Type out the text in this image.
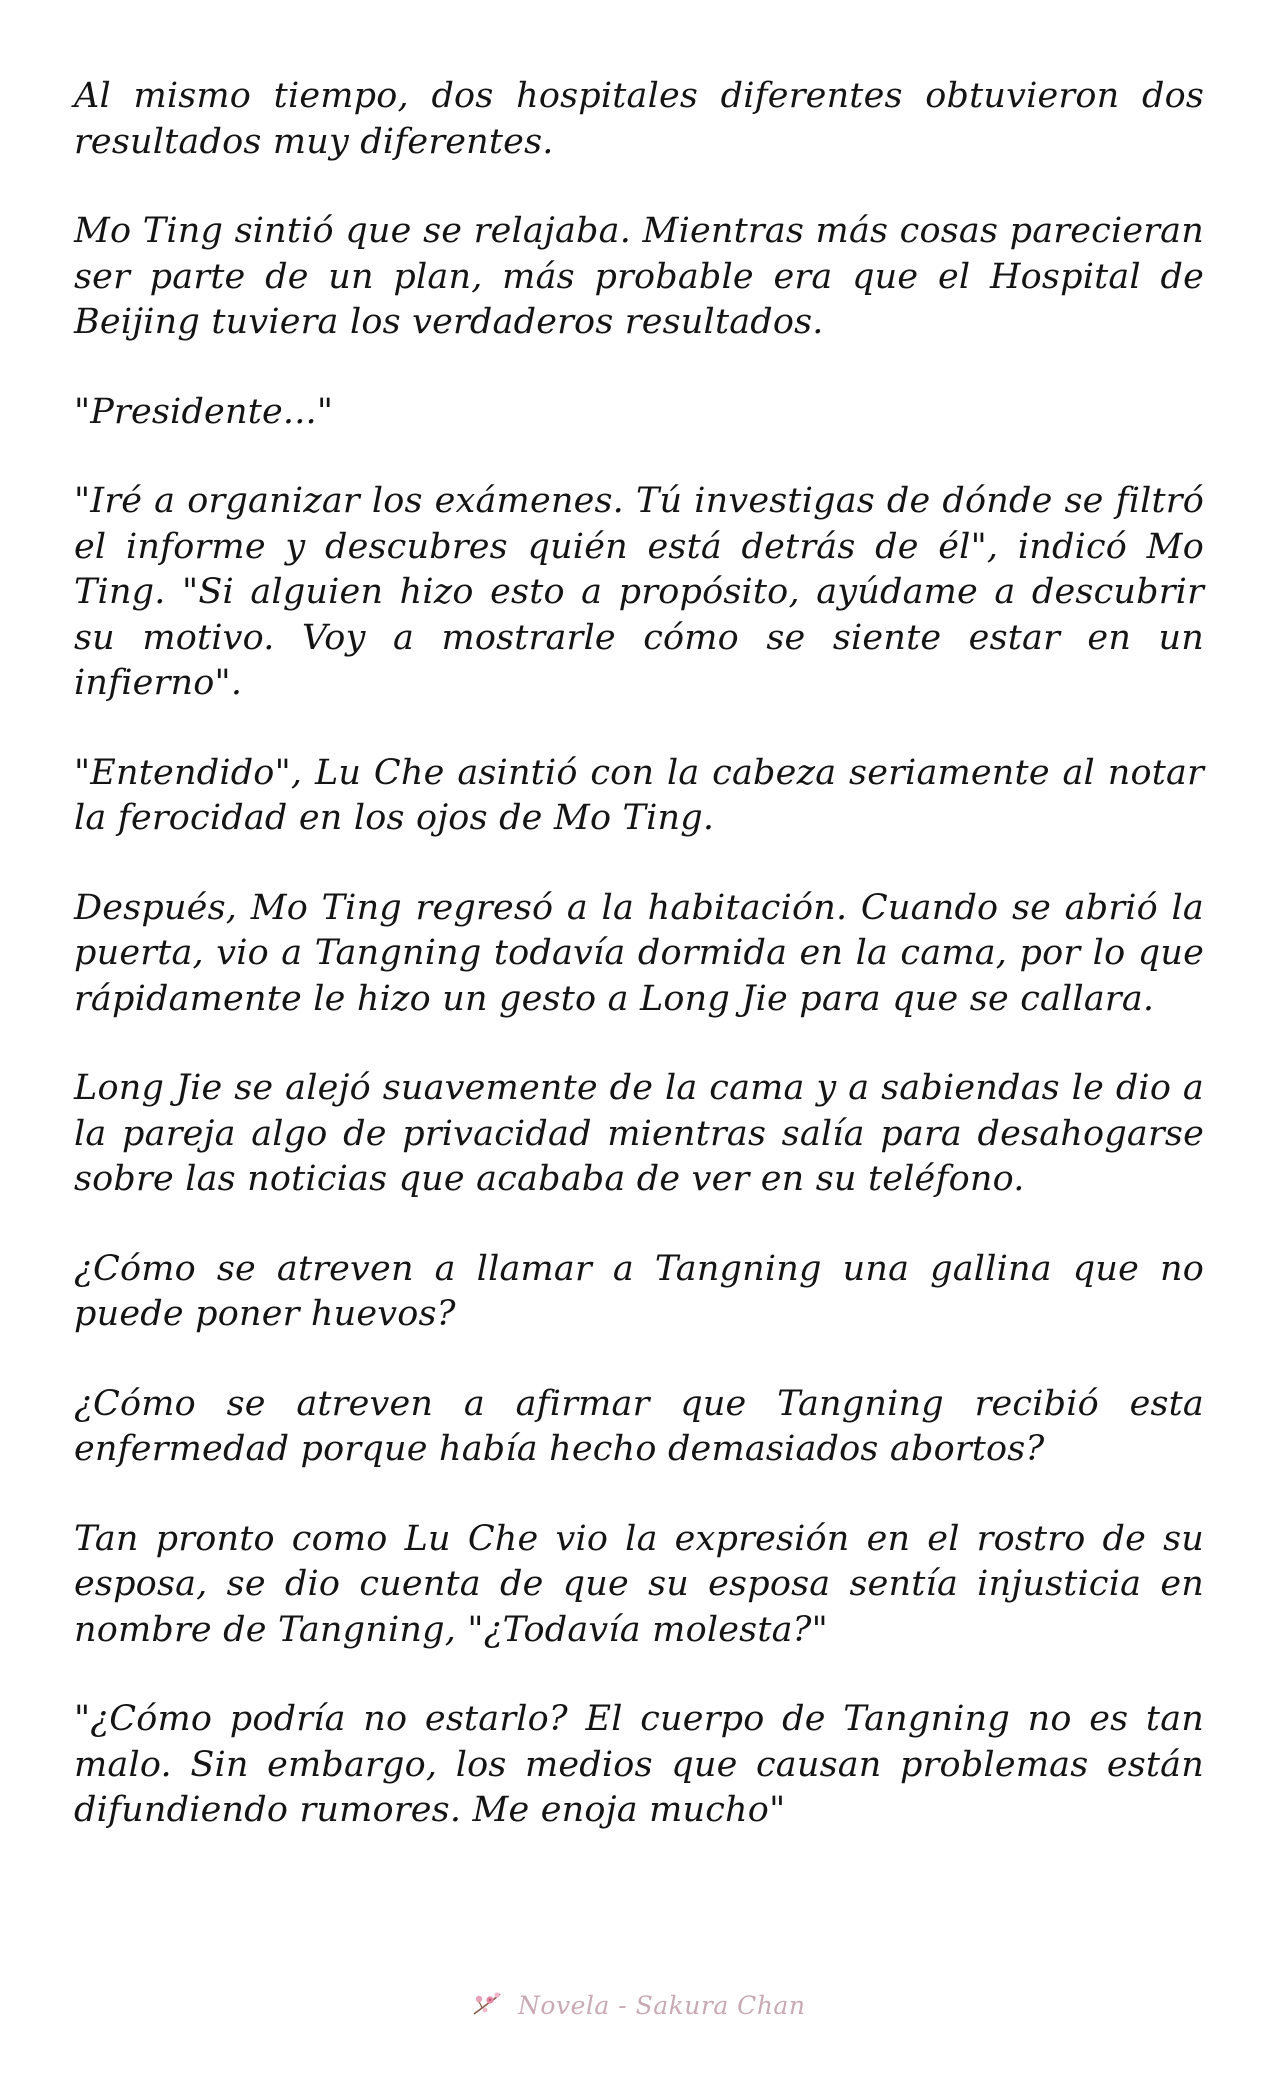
Al mismo tiempo, dos hospitales diferentes obtuvieron dos resultados muy diferentes.

Mo Ting sintió que se relajaba. Mientras más cosas parecieran ser parte de un plan, más probable era que el Hospital de Beijing tuviera los verdaderos resultados.

"Presidente..."

"Iré a organizar los exámenes. Tú investigas de dónde se filtró el informe y descubres quién está detrás de él", indicó Mo Ting. "Si alguien hizo esto a propósito, ayúdame a descubrir su motivo. Voy a mostrarle cómo se siente estar en un infierno".

"Entendido", Lu Che asintió con la cabeza seriamente al notar la ferocidad en los ojos de Mo Ting.

Después, Mo Ting regresó a la habitación. Cuando se abrió la puerta, vio a Tangning todavía dormida en la cama, por lo que rápidamente le hizo un gesto a Long Jie para que se callara.

Long Jie se alejó suavemente de la cama y a sabiendas le dio a la pareja algo de privacidad mientras salía para desahogarse sobre las noticias que acababa de ver en su teléfono.

¿Cómo se atreven a llamar a Tangning una gallina que no puede poner huevos?

¿Cómo se atreven a afirmar que Tangning recibió esta enfermedad porque había hecho demasiados abortos?

Tan pronto como Lu Che vio la expresión en el rostro de su esposa, se dio cuenta de que su esposa sentía injusticia en nombre de Tangning, "¿Todavía molesta?"

"¿Cómo podría no estarlo? El cuerpo de Tangning no es tan malo. Sin embargo, los medios que causan problemas están difundiendo rumores. Me enoja mucho"

Novela - Sakura Chan
